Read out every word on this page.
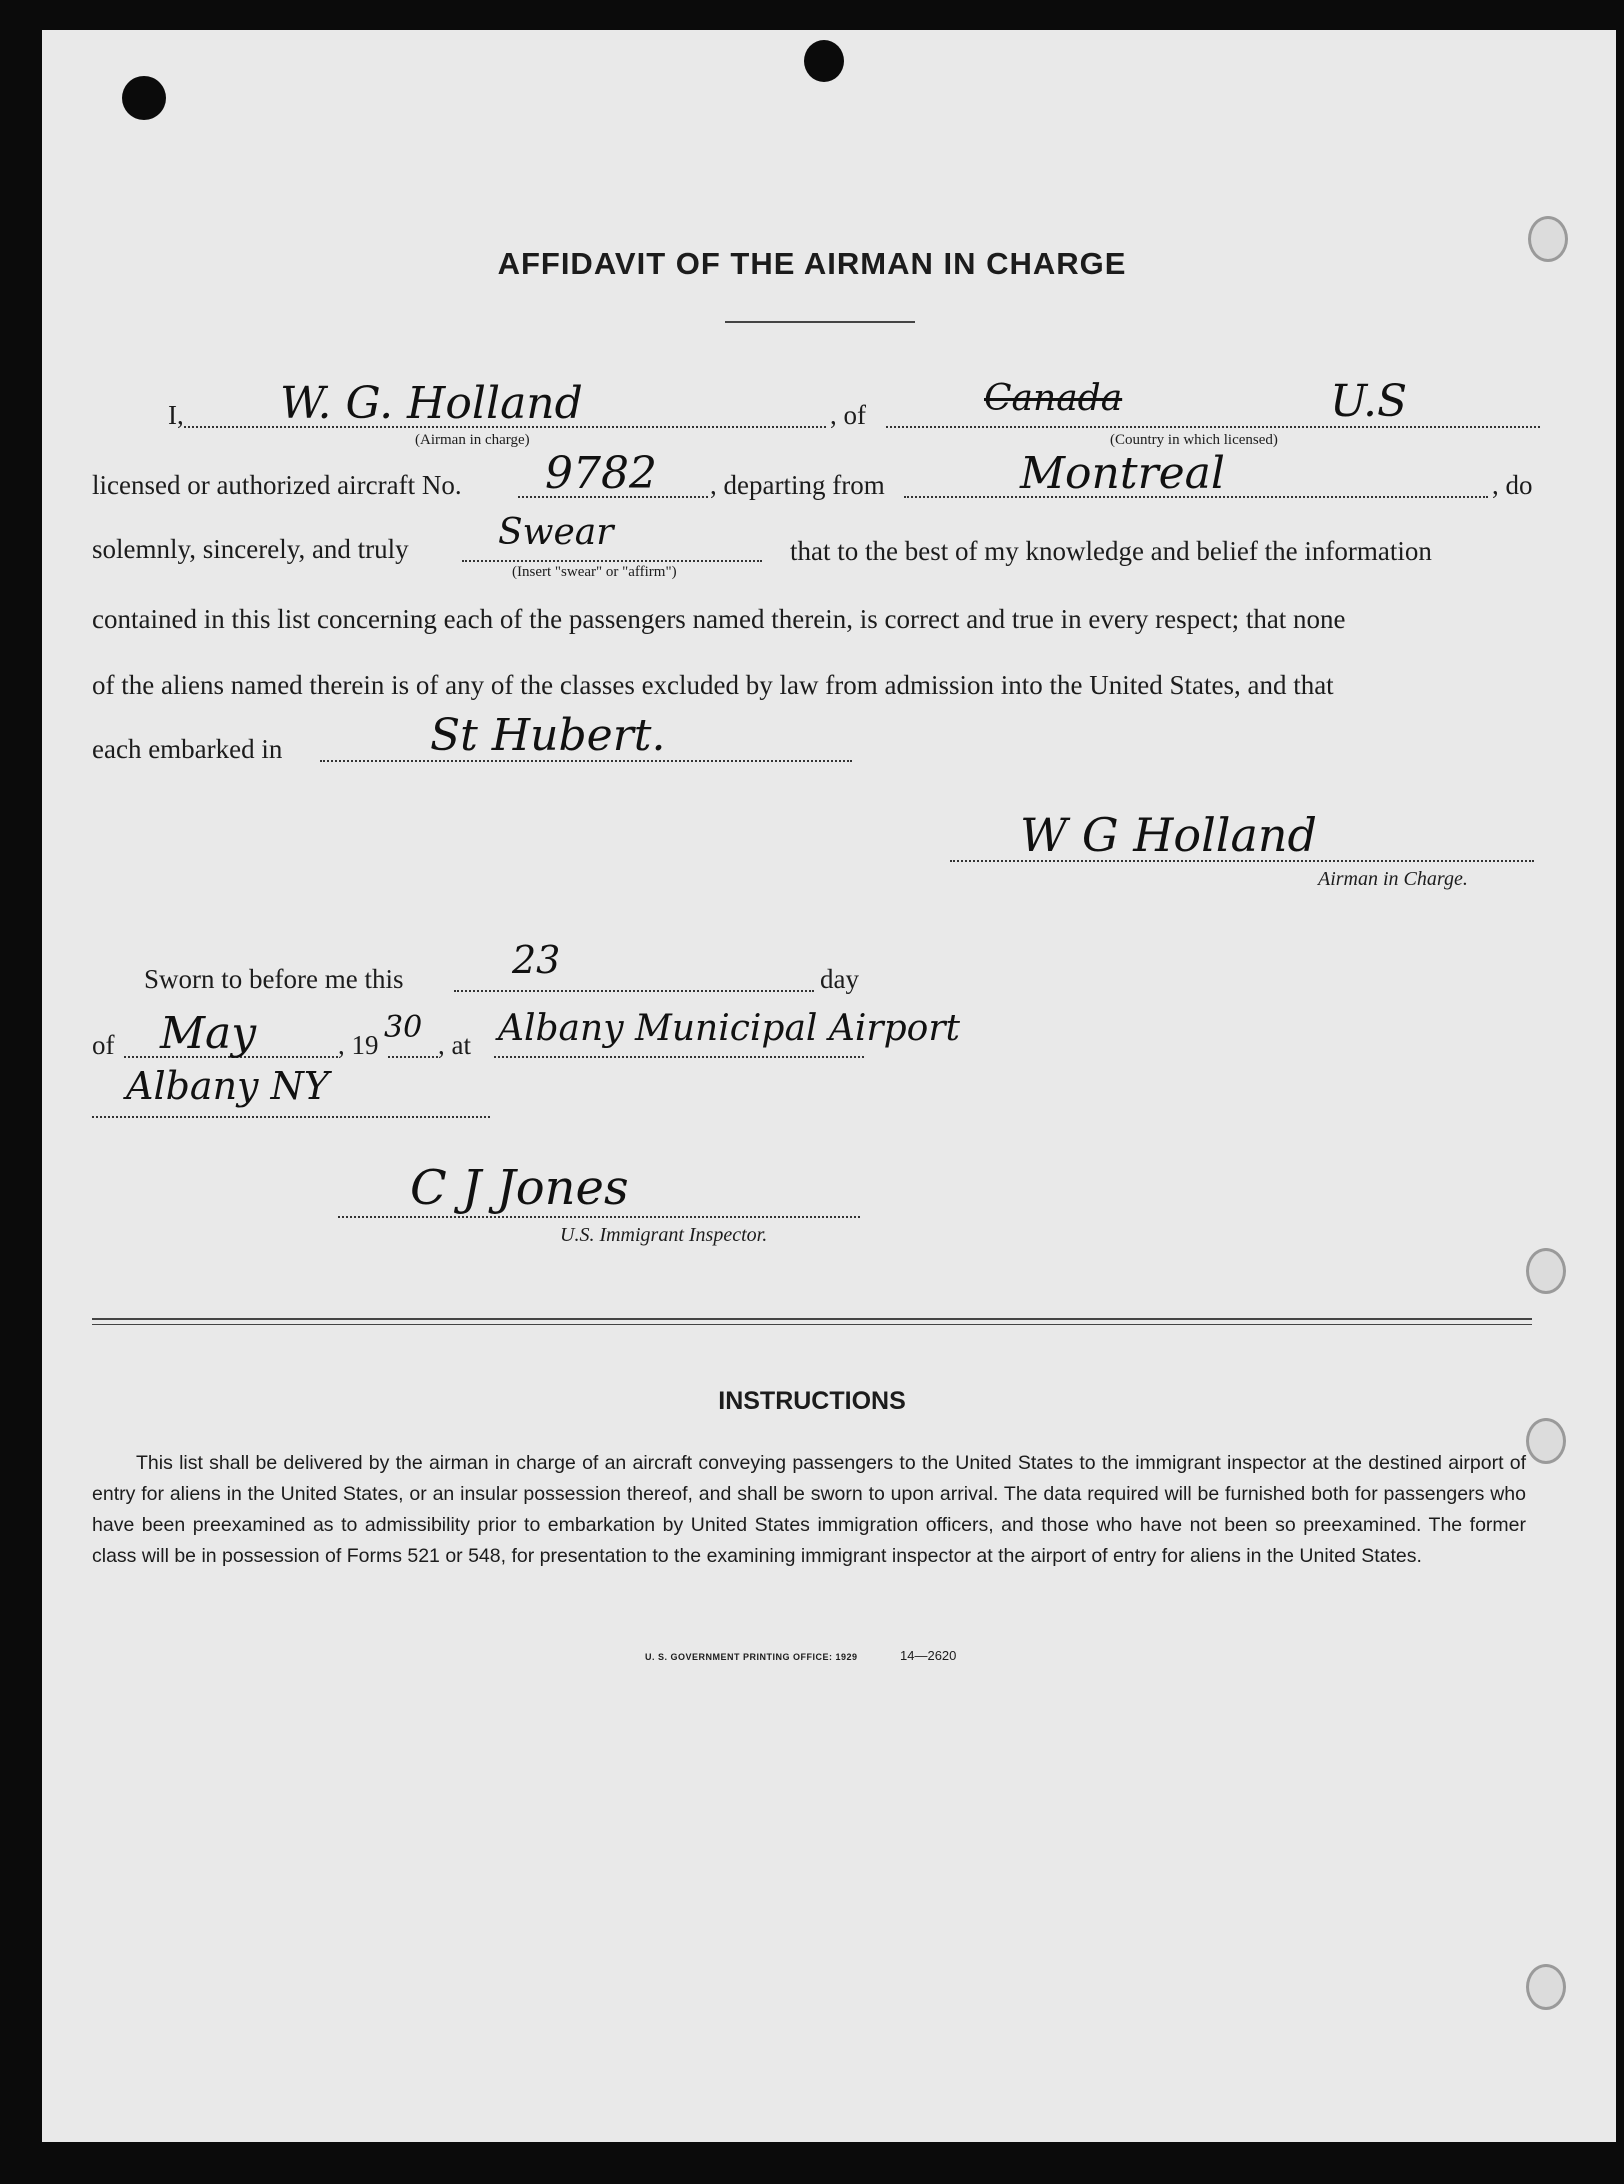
AFFIDAVIT OF THE AIRMAN IN CHARGE
I, W. G. Holland
(Airman in charge)
, of	Canada	U.S
(Country in which licensed)
licensed or authorized aircraft No. 9782 , departing from	Montreal	, do
solemnly, sincerely, and truly Swear
(Insert "swear" or "affirm")
that to the best of my knowledge and belief the information
contained in this list concerning each of the passengers named therein, is correct and true in every respect; that none
of the aliens named therein is of any of the classes excluded by law from admission into the United States, and that
each embarked in	St Hubert.
W G Holland
Airman in Charge.
Sworn to before me this	23	day
of May	, 19 30 , at Albany Municipal Airport
Albany NY
C J Jones
U.S. Immigrant Inspector.
INSTRUCTIONS
This list shall be delivered by the airman in charge of an aircraft conveying passengers to the United States to the immigrant inspector at the destined airport of entry for aliens in the United States, or an insular possession thereof, and shall be sworn to upon arrival. The data required will be furnished both for passengers who have been preexamined as to admissibility prior to embarkation by United States immigration officers, and those who have not been so preexamined. The former class will be in possession of Forms 521 or 548, for presentation to the examining immigrant inspector at the airport of entry for aliens in the United States.
U. S. GOVERNMENT PRINTING OFFICE: 1929	14—2620
